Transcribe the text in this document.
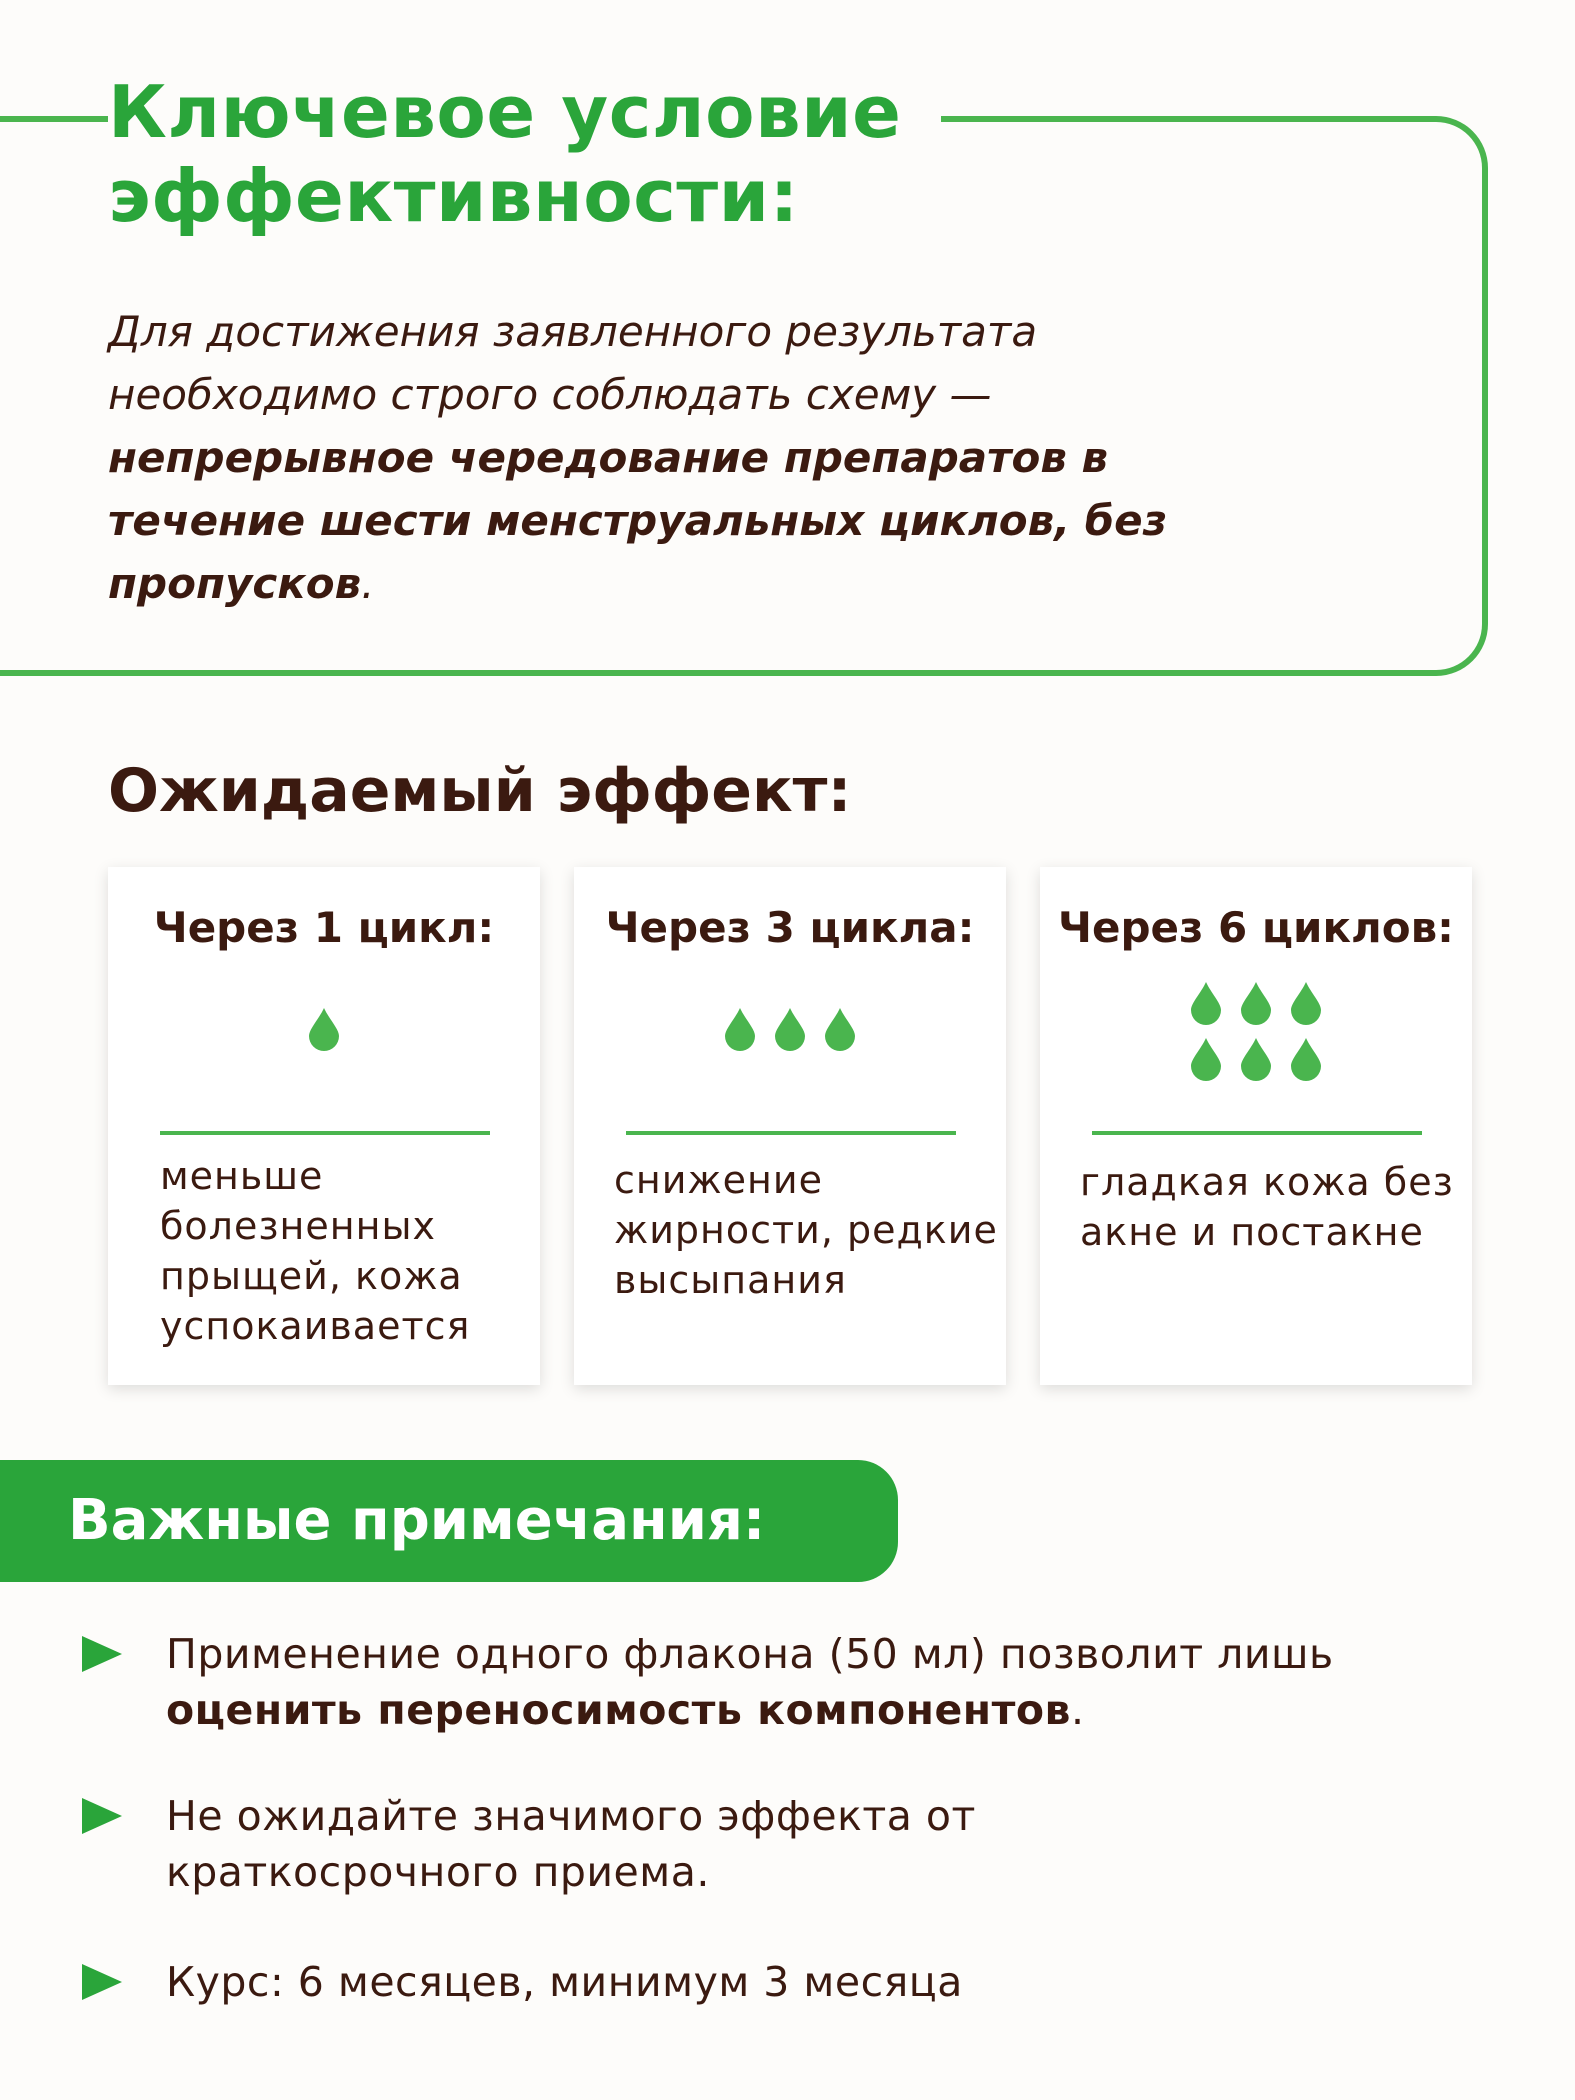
Ключевое условие
эффективности:

Для достижения заявленного результата необходимо строго соблюдать схему — непрерывное чередование препаратов в течение шести менструальных циклов, без пропусков.

Ожидаемый эффект:
Через 1 цикл:
меньше болезненных прыщей, кожа успокаивается
Через 3 цикла:
снижение жирности, редкие высыпания
Через 6 циклов:
гладкая кожа без акне и постакне
Важные примечания:

Применение одного флакона (50 мл) позволит лишь оценить переносимость компонентов.

Не ожидайте значимого эффекта от краткосрочного приема.

Курс: 6 месяцев, минимум 3 месяца
